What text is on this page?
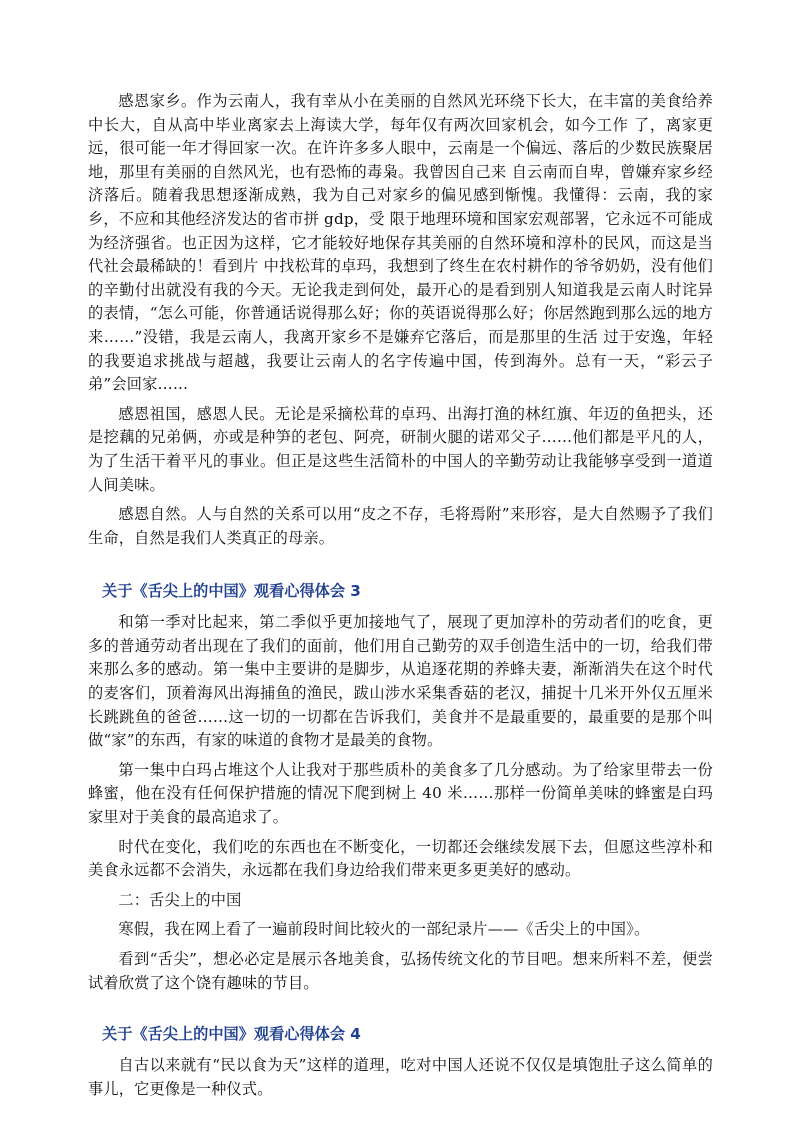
感恩家乡。作为云南人，我有幸从小在美丽的自然风光环绕下长大，在丰富的美食给养中长大，自从高中毕业离家去上海读大学，每年仅有两次回家机会，如今工作 了，离家更远，很可能一年才得回家一次。在许许多多人眼中，云南是一个偏远、落后的少数民族聚居地，那里有美丽的自然风光，也有恐怖的毒枭。我曾因自己来 自云南而自卑，曾嫌弃家乡经济落后。随着我思想逐渐成熟，我为自己对家乡的偏见感到惭愧。我懂得：云南，我的家乡，不应和其他经济发达的省市拼 gdp，受 限于地理环境和国家宏观部署，它永远不可能成为经济强省。也正因为这样，它才能较好地保存其美丽的自然环境和淳朴的民风，而这是当代社会最稀缺的！看到片 中找松茸的卓玛，我想到了终生在农村耕作的爷爷奶奶，没有他们的辛勤付出就没有我的今天。无论我走到何处，最开心的是看到别人知道我是云南人时诧异的表情，“怎么可能，你普通话说得那么好；你的英语说得那么好；你居然跑到那么远的地方来……”没错，我是云南人，我离开家乡不是嫌弃它落后，而是那里的生活 过于安逸，年轻的我要追求挑战与超越，我要让云南人的名字传遍中国，传到海外。总有一天，“彩云子弟”会回家……

感恩祖国，感恩人民。无论是采摘松茸的卓玛、出海打渔的林红旗、年迈的鱼把头，还是挖藕的兄弟俩，亦或是种笋的老包、阿亮，研制火腿的诺邓父子……他们都是平凡的人，为了生活干着平凡的事业。但正是这些生活简朴的中国人的辛勤劳动让我能够享受到一道道人间美味。

感恩自然。人与自然的关系可以用“皮之不存，毛将焉附”来形容，是大自然赐予了我们生命，自然是我们人类真正的母亲。

关于《舌尖上的中国》观看心得体会 3

和第一季对比起来，第二季似乎更加接地气了，展现了更加淳朴的劳动者们的吃食，更多的普通劳动者出现在了我们的面前，他们用自己勤劳的双手创造生活中的一切，给我们带来那么多的感动。第一集中主要讲的是脚步，从追逐花期的养蜂夫妻，渐渐消失在这个时代的麦客们，顶着海风出海捕鱼的渔民，跋山涉水采集香菇的老汉，捕捉十几米开外仅五厘米长跳跳鱼的爸爸……这一切的一切都在告诉我们，美食并不是最重要的，最重要的是那个叫做“家”的东西，有家的味道的食物才是最美的食物。

第一集中白玛占堆这个人让我对于那些质朴的美食多了几分感动。为了给家里带去一份蜂蜜，他在没有任何保护措施的情况下爬到树上 40 米……那样一份简单美味的蜂蜜是白玛家里对于美食的最高追求了。

时代在变化，我们吃的东西也在不断变化，一切都还会继续发展下去，但愿这些淳朴和美食永远都不会消失，永远都在我们身边给我们带来更多更美好的感动。

二：舌尖上的中国

寒假，我在网上看了一遍前段时间比较火的一部纪录片——《舌尖上的中国》。

看到“舌尖”，想必必定是展示各地美食，弘扬传统文化的节目吧。想来所料不差，便尝试着欣赏了这个饶有趣味的节目。

关于《舌尖上的中国》观看心得体会 4

自古以来就有“民以食为天”这样的道理，吃对中国人还说不仅仅是填饱肚子这么简单的事儿，它更像是一种仪式。
